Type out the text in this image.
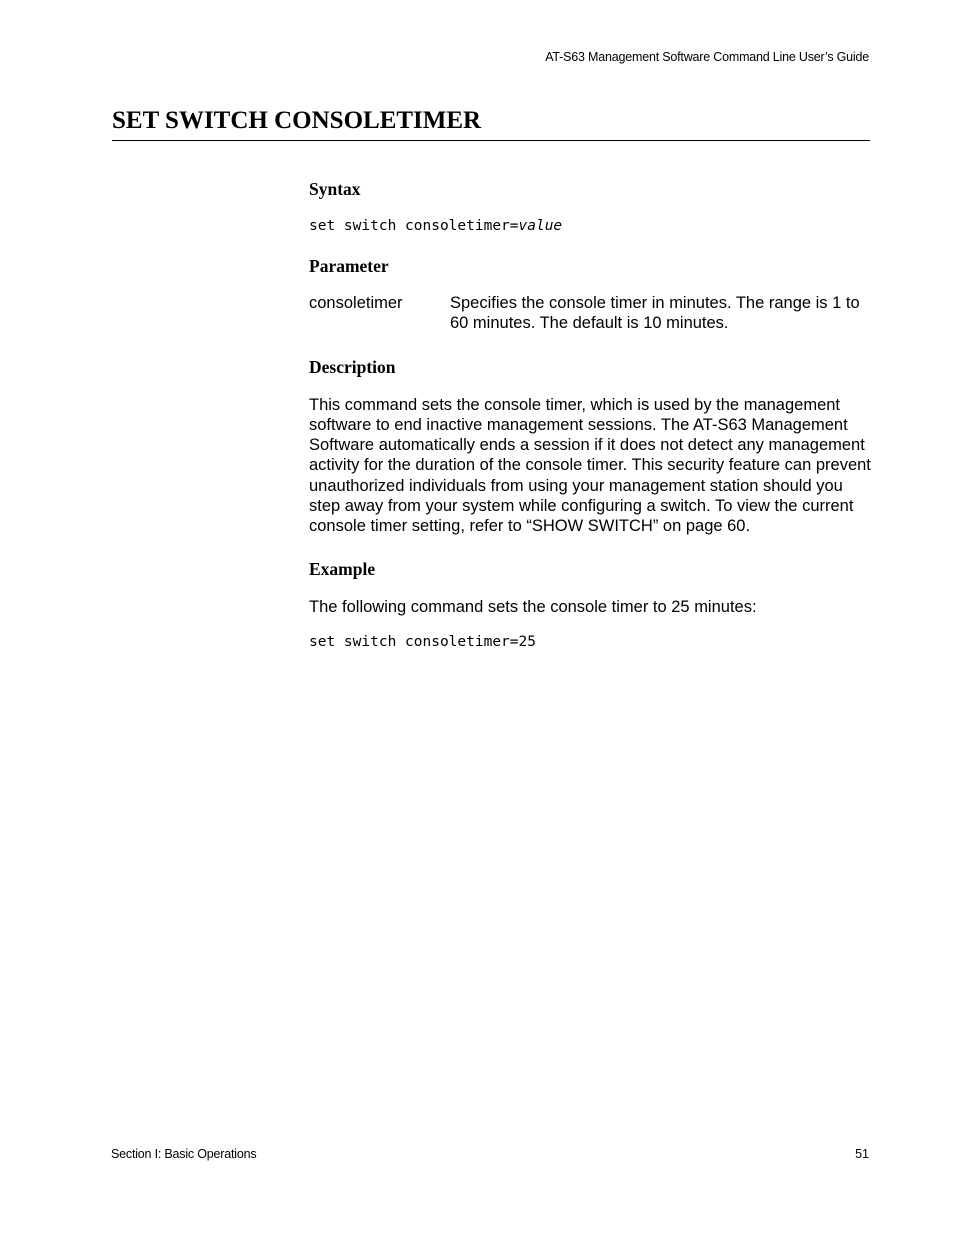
AT-S63 Management Software Command Line User’s Guide
SET SWITCH CONSOLETIMER
Syntax

set switch consoletimer=value

Parameter
consoletimer	Specifies the console timer in minutes. The range is 1 to 60 minutes. The default is 10 minutes.
Description

This command sets the console timer, which is used by the management software to end inactive management sessions. The AT-S63 Management Software automatically ends a session if it does not detect any management activity for the duration of the console timer. This security feature can prevent unauthorized individuals from using your management station should you step away from your system while configuring a switch. To view the current console timer setting, refer to “SHOW SWITCH” on page 60.

Example

The following command sets the console timer to 25 minutes:

set switch consoletimer=25

Section I: Basic Operations	51
